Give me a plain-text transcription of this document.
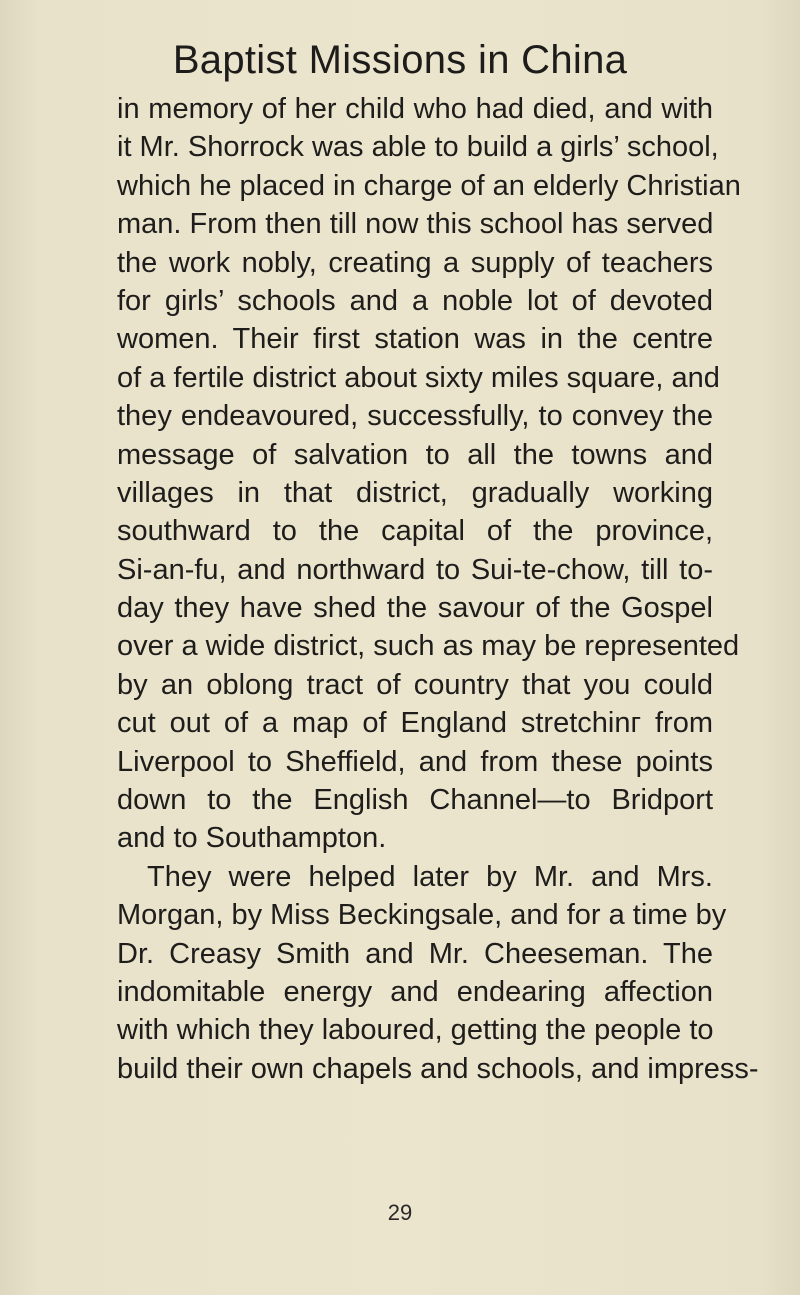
Baptist Missions in China
in memory of her child who had died, and with
it Mr. Shorrock was able to build a girls’ school,
which he placed in charge of an elderly Christian
man. From then till now this school has served
the work nobly, creating a supply of teachers
for girls’ schools and a noble lot of devoted
women. Their first station was in the centre
of a fertile district about sixty miles square, and
they endeavoured, successfully, to convey the
message of salvation to all the towns and
villages in that district, gradually working
southward to the capital of the province,
Si-an-fu, and northward to Sui-te-chow, till to-
day they have shed the savour of the Gospel
over a wide district, such as may be represented
by an oblong tract of country that you could
cut out of a map of England stretchinᴦ from
Liverpool to Sheffield, and from these points
down to the English Channel—to Bridport
and to Southampton.
They were helped later by Mr. and Mrs.
Morgan, by Miss Beckingsale, and for a time by
Dr. Creasy Smith and Mr. Cheeseman. The
indomitable energy and endearing affection
with which they laboured, getting the people to
build their own chapels and schools, and impress-
29
